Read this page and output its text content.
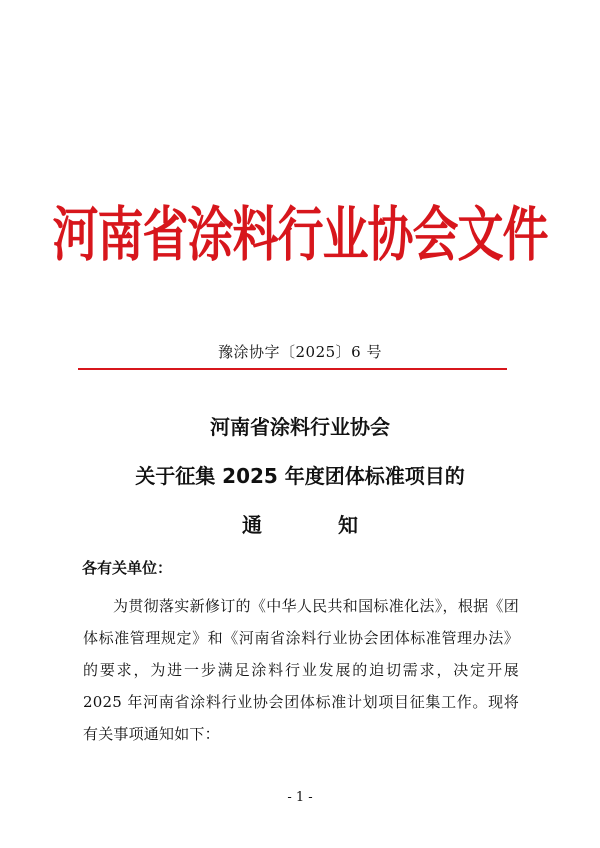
河南省涂料行业协会文件
豫涂协字〔2025〕6 号
河南省涂料行业协会
关于征集 2025 年度团体标准项目的
通	知
各有关单位：

为贯彻落实新修订的《中华人民共和国标准化法》，根据《团体标准管理规定》和《河南省涂料行业协会团体标准管理办法》的要求，为进一步满足涂料行业发展的迫切需求，决定开展 2025 年河南省涂料行业协会团体标准计划项目征集工作。现将有关事项通知如下：

- 1 -
